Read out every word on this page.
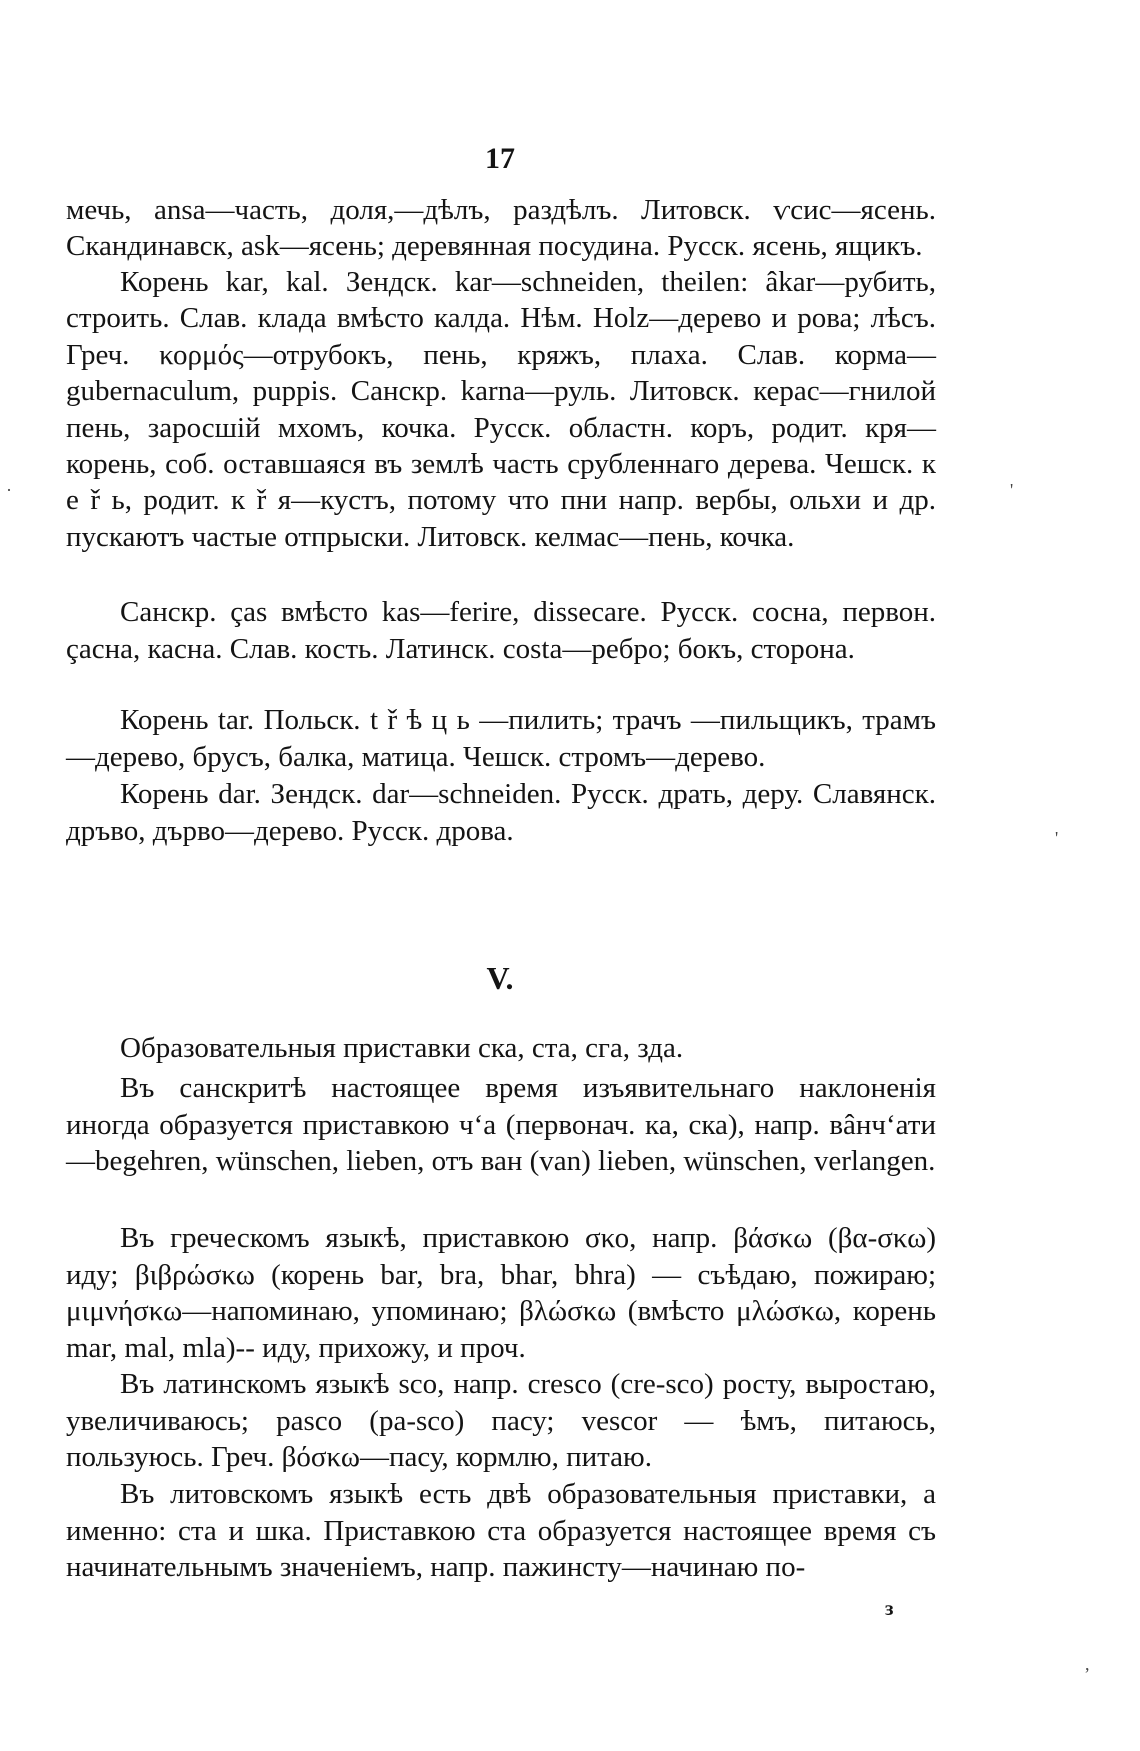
17

мечь, ansa—часть, доля,—дѣлъ, раздѣлъ. Литовск. ѵсис—ясень. Скандинавск, ask—ясень; деревянная посудина. Русск. ясень, ящикъ.

Корень kar, kal. Зендск. kar—schneiden, theilen: âkar—рубить, строить. Слав. клада вмѣсто калда. Нѣм. Holz—дерево и рова; лѣсъ. Греч. κορμός—отрубокъ, пень, кряжъ, плаха. Слав. корма—gubernaculum, puppis. Санскр. karna—руль. Литовск. керас—гнилой пень, заросшiй мхомъ, кочка. Русск. областн. коръ, родит. кря—корень, соб. оставшаяся въ землѣ часть срубленнаго дерева. Чешск. к е ř ь, родит. к ř я—кустъ, потому что пни напр. вербы, ольхи и др. пускаютъ частые отпрыски. Литовск. келмас—пень, кочка.

Санскр. ças вмѣсто kas—ferire, dissecare. Русск. сосна, первон. çасна, касна. Слав. кость. Латинск. costa—ребро; бокъ, сторона.

Корень tar. Польск. t ř ѣ ц ь —пилить; трачъ —пильщикъ, трамъ —дерево, брусъ, балка, матица. Чешск. стромъ—дерево.

Корень dar. Зендск. dar—schneiden. Русск. драть, деру. Славянск. дръво, дърво—дерево. Русск. дрова.

V.

Образовательныя приставки ска, ста, сга, зда.

Въ санскритѣ настоящее время изъявительнаго наклоненiя иногда образуется приставкою ч‘а (первонач. ка, ска), напр. вâнч‘ати—begehren, wünschen, lieben, отъ ван (van) lieben, wünschen, verlangen.

Въ греческомъ языкѣ, приставкою σκο, напр. βάσκω (βα-σκω) иду; βιβρώσκω (корень bar, bra, bhar, bhra) — съѣдаю, пожираю; μιμνήσκω—напоминаю, упоминаю; βλώσκω (вмѣсто μλώσκω, корень mar, mal, mla)-- иду, прихожу, и проч.

Въ латинскомъ языкѣ sco, напр. cresco (cre-sco) росту, выростаю, увеличиваюсь; pasco (pa-sco) пасу; vescor — ѣмъ, питаюсь, пользуюсь. Греч. βόσκω—пасу, кормлю, питаю.

Въ литовскомъ языкѣ есть двѣ образовательныя приставки, а именно: ста и шка. Приставкою ста образуется настоящее время съ начинательнымъ значенiемъ, напр. пажинсту—начинаю по-

ɜ
·	'
'
,
